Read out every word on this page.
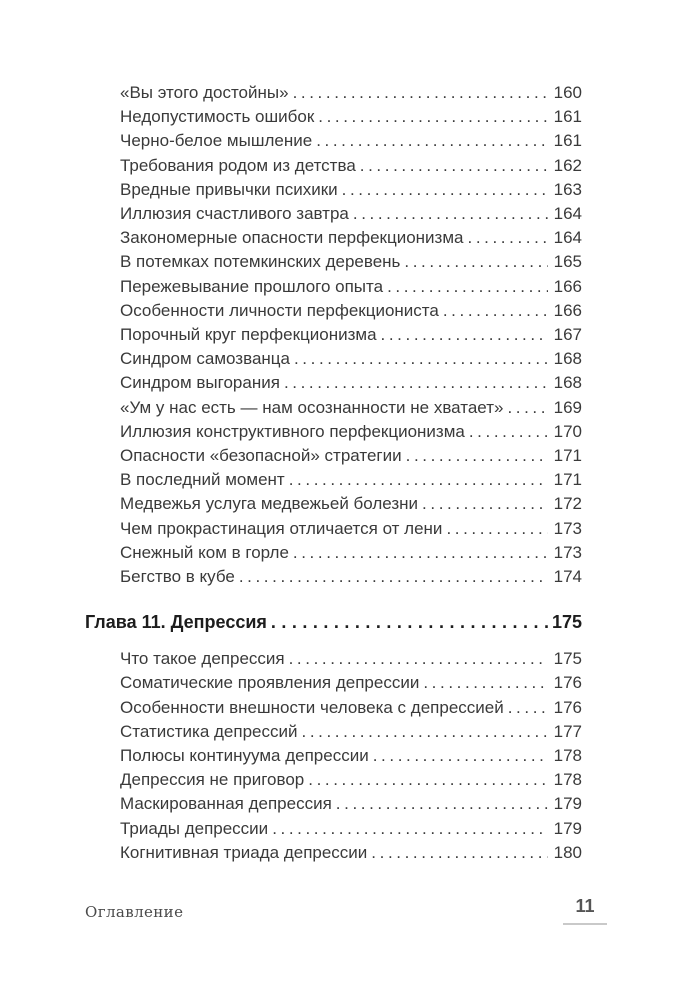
«Вы этого достойны» .....	160
Недопустимость ошибок .....	161
Черно-белое мышление .....	161
Требования родом из детства .....	162
Вредные привычки психики .....	163
Иллюзия счастливого завтра .....	164
Закономерные опасности перфекционизма .....	164
В потемках потемкинских деревень .....	165
Пережевывание прошлого опыта .....	166
Особенности личности перфекциониста .....	166
Порочный круг перфекционизма .....	167
Синдром самозванца .....	168
Синдром выгорания .....	168
«Ум у нас есть — нам осознанности не хватает» .....	169
Иллюзия конструктивного перфекционизма .....	170
Опасности «безопасной» стратегии .....	171
В последний момент .....	171
Медвежья услуга медвежьей болезни .....	172
Чем прокрастинация отличается от лени .....	173
Снежный ком в горле .....	173
Бегство в кубе .....	174
Глава 11. Депрессия .....	175
Что такое депрессия .....	175
Соматические проявления депрессии .....	176
Особенности внешности человека с депрессией .....	176
Статистика депрессий .....	177
Полюсы континуума депрессии .....	178
Депрессия не приговор .....	178
Маскированная депрессия .....	179
Триады депрессии .....	179
Когнитивная триада депрессии .....	180
Оглавление	11
